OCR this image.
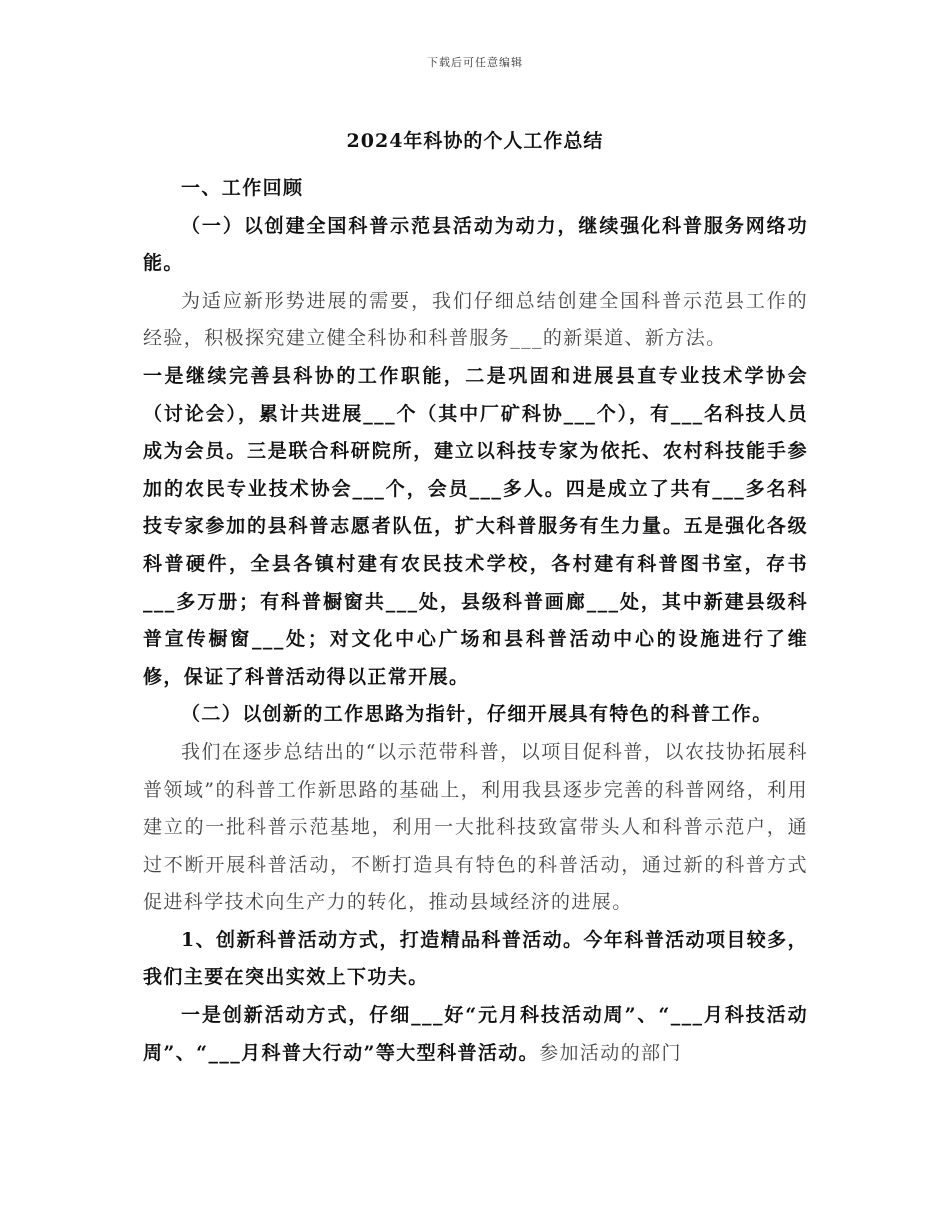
下载后可任意编辑
2024年科协的个人工作总结

一、工作回顾

（一）以创建全国科普示范县活动为动力，继续强化科普服务网络功能。

为适应新形势进展的需要，我们仔细总结创建全国科普示范县工作的经验，积极探究建立健全科协和科普服务___的新渠道、新方法。
一是继续完善县科协的工作职能，二是巩固和进展县直专业技术学协会（讨论会），累计共进展___个（其中厂矿科协___个），有___名科技人员成为会员。三是联合科研院所，建立以科技专家为依托、农村科技能手参加的农民专业技术协会___个，会员___多人。四是成立了共有___多名科技专家参加的县科普志愿者队伍，扩大科普服务有生力量。五是强化各级科普硬件，全县各镇村建有农民技术学校，各村建有科普图书室，存书___多万册；有科普橱窗共___处，县级科普画廊___处，其中新建县级科普宣传橱窗___处；对文化中心广场和县科普活动中心的设施进行了维修，保证了科普活动得以正常开展。

（二）以创新的工作思路为指针，仔细开展具有特色的科普工作。

我们在逐步总结出的“以示范带科普，以项目促科普，以农技协拓展科普领域”的科普工作新思路的基础上，利用我县逐步完善的科普网络，利用建立的一批科普示范基地，利用一大批科技致富带头人和科普示范户，通过不断开展科普活动，不断打造具有特色的科普活动，通过新的科普方式促进科学技术向生产力的转化，推动县域经济的进展。

1、创新科普活动方式，打造精品科普活动。今年科普活动项目较多，我们主要在突出实效上下功夫。

一是创新活动方式，仔细___好“元月科技活动周”、“___月科技活动周”、“___月科普大行动”等大型科普活动。参加活动的部门
